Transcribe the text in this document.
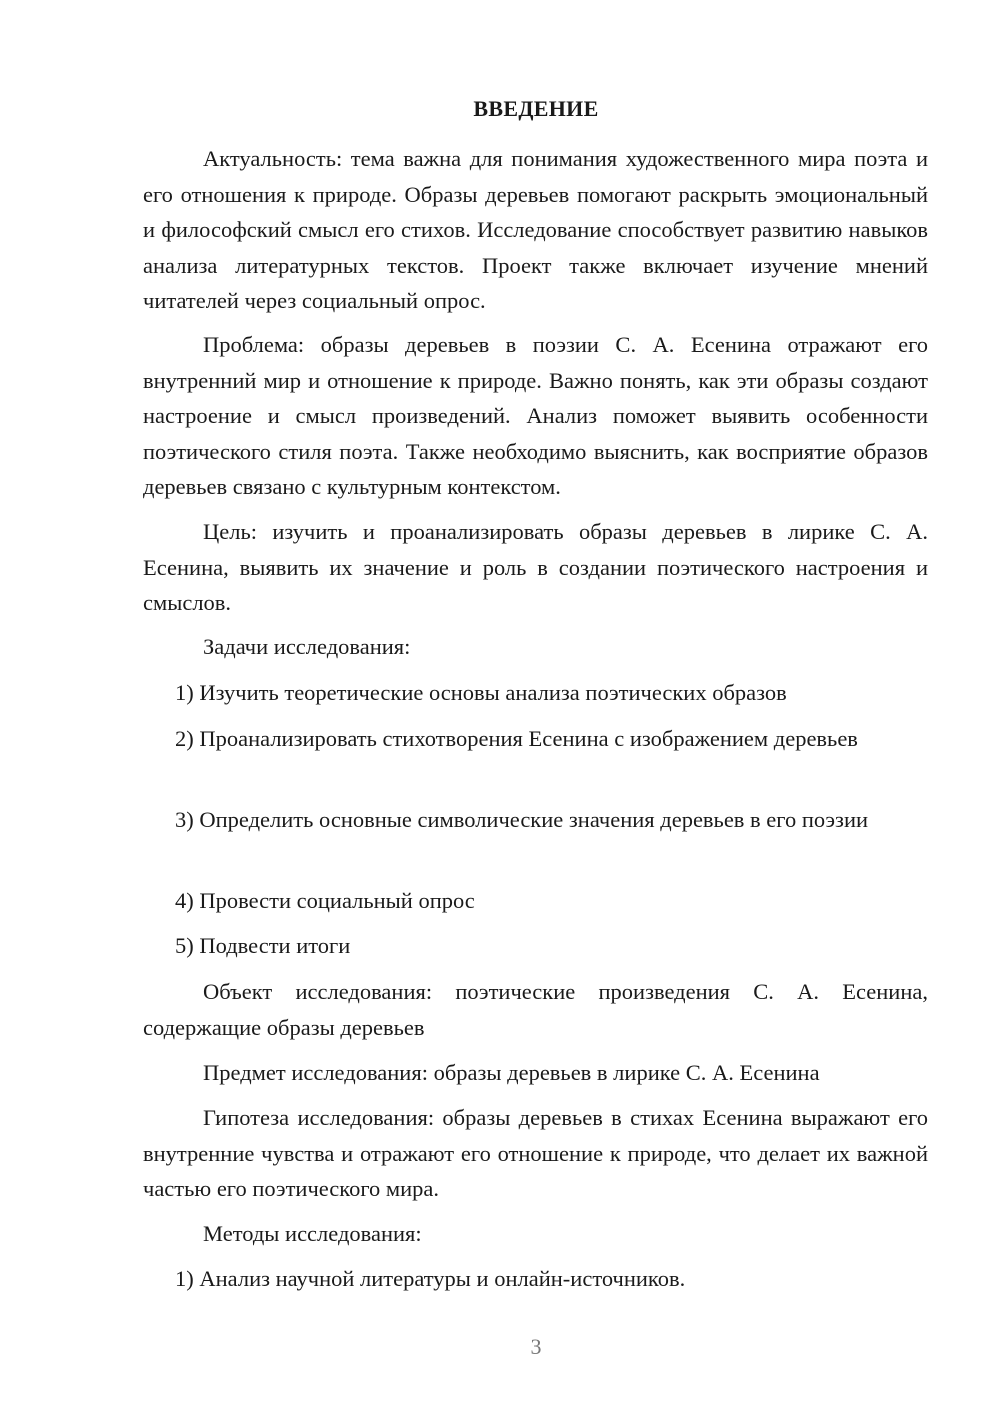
ВВЕДЕНИЕ
Актуальность: тема важна для понимания художественного мира поэта и его отношения к природе. Образы деревьев помогают раскрыть эмоциональный и философский смысл его стихов. Исследование способствует развитию навыков анализа литературных текстов. Проект также включает изучение мнений читателей через социальный опрос.
Проблема: образы деревьев в поэзии С. А. Есенина отражают его внутренний мир и отношение к природе. Важно понять, как эти образы создают настроение и смысл произведений. Анализ поможет выявить особенности поэтического стиля поэта. Также необходимо выяснить, как восприятие образов деревьев связано с культурным контекстом.
Цель: изучить и проанализировать образы деревьев в лирике С. А. Есенина, выявить их значение и роль в создании поэтического настроения и смыслов.
Задачи исследования:
1) Изучить теоретические основы анализа поэтических образов
2) Проанализировать стихотворения Есенина с изображением деревьев
3) Определить основные символические значения деревьев в его поэзии
4) Провести социальный опрос
5) Подвести итоги
Объект исследования: поэтические произведения С. А. Есенина, содержащие образы деревьев
Предмет исследования: образы деревьев в лирике С. А. Есенина
Гипотеза исследования: образы деревьев в стихах Есенина выражают его внутренние чувства и отражают его отношение к природе, что делает их важной частью его поэтического мира.
Методы исследования:
1) Анализ научной литературы и онлайн-источников.
3
